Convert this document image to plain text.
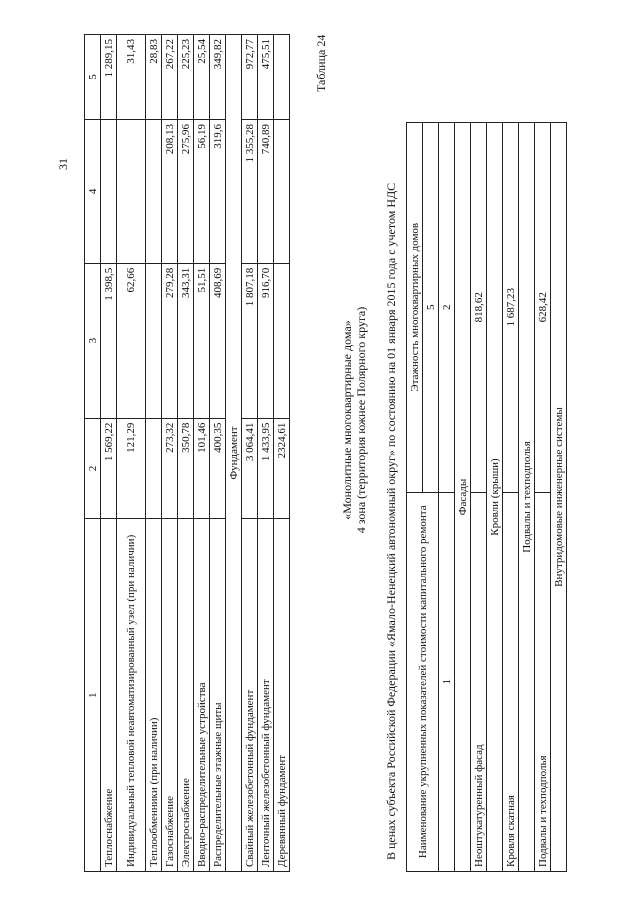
31
1	2	3	4	5
Теплоснабжение	1 569,22	1 398,5		1 289,15
Индивидуальный тепловой неавтоматизированный узел (при наличии)	121,29	62,66		31,43
Теплообменники (при наличии)				28,83
Газоснабжение	273,32	279,28	208,13	267,22
Электроснабжение	350,78	343,31	275,96	225,23
Вводно-распределительные устройства	101,46	51,51	56,19	25,54
Распределительные этажные щиты	400,35	408,69	319,6	349,82
Фундамент				
Свайный железобетонный фундамент	3 064,41	1 807,18	1 355,28	972,77
Ленточный железобетонный фундамент	1 433,95	916,70	740,89	475,51
Деревянный фундамент	2324,61			
Таблица 24
«Монолитные многоквартирные дома» 4 зона (территория южнее Полярного круга) В ценах субъекта Российской Федерации «Ямало-Ненецкий автономный округ» по состоянию на 01 января 2015 года с учетом НДС Наименование укрупненных показателей стоимости капитального ремонта	Этажность многоквартирных домов
	5
1	2
Фасады	
Неоштукатуренный фасад	818,62
Кровли (крыши)	
Кровля скатная	1 687,23
Подвалы и техподполья	
Подвалы и техподполья	628,42
Внутридомовые инженерные системы	
